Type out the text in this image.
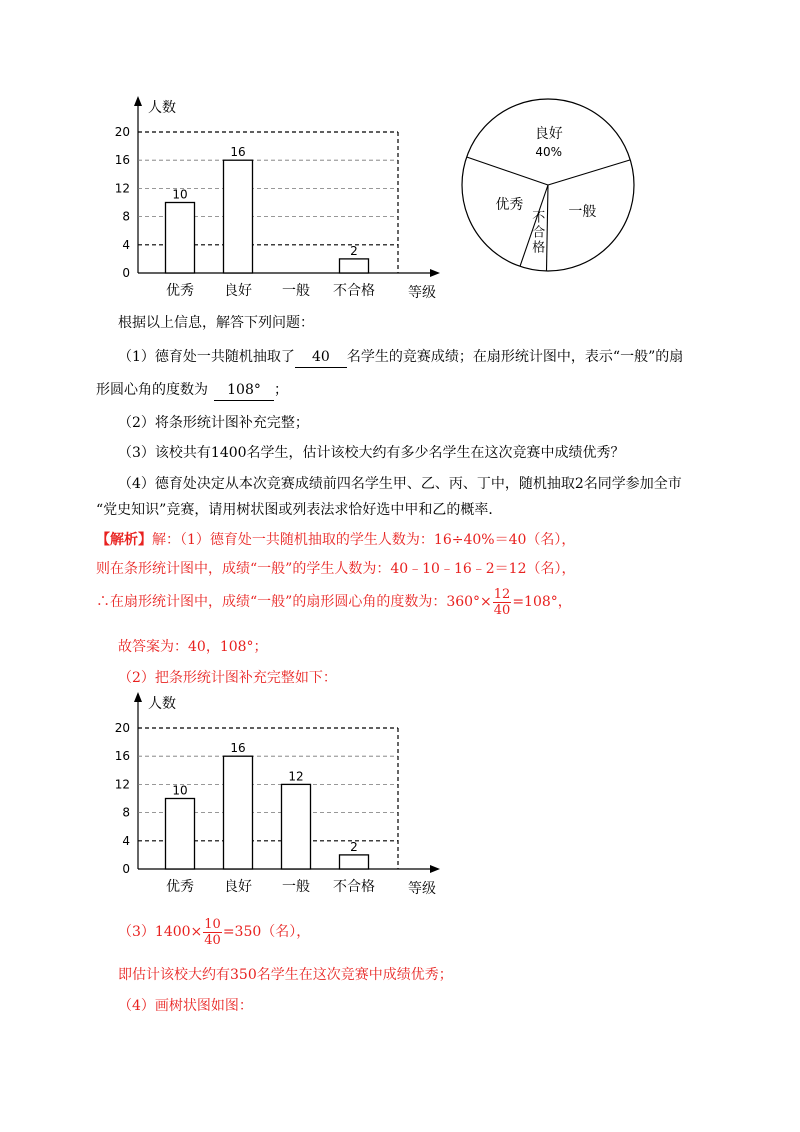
人数
0
4
8
12
16
20
优秀
10
良好
16
一般 不合格
2
等级
良好
40%
一般
不
合
格
优秀
根据以上信息，解答下列问题：
（1）德育处一共随机抽取了 40 名学生的竞赛成绩；在扇形统计图中，表示“一般”的扇
形圆心角的度数为 108° ；
（2）将条形统计图补充完整；
（3）该校共有1400名学生，估计该校大约有多少名学生在这次竞赛中成绩优秀？
（4）德育处决定从本次竞赛成绩前四名学生甲、乙、丙、丁中，随机抽取2名同学参加全市
“党史知识”竞赛，请用树状图或列表法求恰好选中甲和乙的概率．
【解析】解：（1）德育处一共随机抽取的学生人数为：16÷40%＝40（名），
则在条形统计图中，成绩“一般”的学生人数为：40﹣10﹣16﹣2＝12（名），
∴在扇形统计图中，成绩“一般”的扇形圆心角的度数为：$360^\circ\times \frac{12}{40} =108^\circ$，
故答案为：40，108°；
（2）把条形统计图补充完整如下：
人数
0
4
8
12
16
20
优秀
10
良好
16
一般
12
不合格
2
等级
$(3)1400\times \frac{10}{40} =350$（名），
即估计该校大约有350名学生在这次竞赛中成绩优秀；
（4）画树状图如图：
